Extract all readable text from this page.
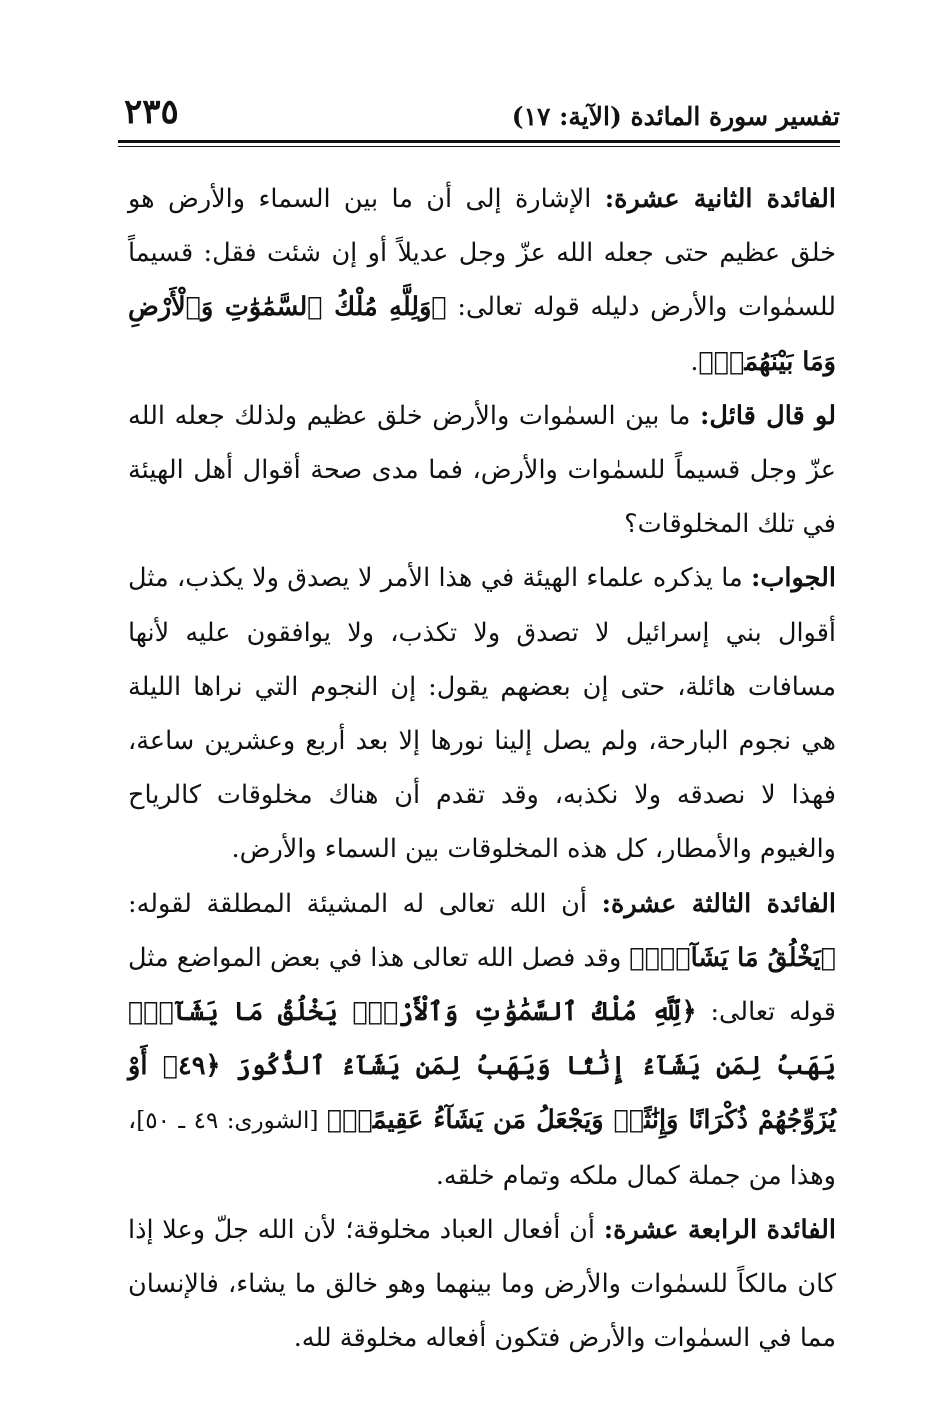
تفسير سورة المائدة (الآية: ١٧)
٢٣٥

الفائدة الثانية عشرة: الإشارة إلى أن ما بين السماء والأرض هو خلق عظيم حتى جعله الله عزّ وجل عديلاً أو إن شئت فقل: قسيماً للسمٰوات والأرض دليله قوله تعالى: ﴿وَلِلَّهِ مُلْكُ ٱلسَّمَٰوَٰتِ وَٱلْأَرْضِ وَمَا بَيْنَهُمَآۚ﴾.

لو قال قائل: ما بين السمٰوات والأرض خلق عظيم ولذلك جعله الله عزّ وجل قسيماً للسمٰوات والأرض، فما مدى صحة أقوال أهل الهيئة في تلك المخلوقات؟

الجواب: ما يذكره علماء الهيئة في هذا الأمر لا يصدق ولا يكذب، مثل أقوال بني إسرائيل لا تصدق ولا تكذب، ولا يوافقون عليه لأنها مسافات هائلة، حتى إن بعضهم يقول: إن النجوم التي نراها الليلة هي نجوم البارحة، ولم يصل إلينا نورها إلا بعد أربع وعشرين ساعة، فهذا لا نصدقه ولا نكذبه، وقد تقدم أن هناك مخلوقات كالرياح والغيوم والأمطار، كل هذه المخلوقات بين السماء والأرض.

الفائدة الثالثة عشرة: أن الله تعالى له المشيئة المطلقة لقوله: ﴿يَخْلُقُ مَا يَشَآءُۚ﴾ وقد فصل الله تعالى هذا في بعض المواضع مثل قوله تعالى: ﴿لِّلَّهِ مُلْكُ ٱلسَّمَٰوَٰتِ وَٱلْأَرْضِۚ يَخْلُقُ مَا يَشَآءُۚ يَهَبُ لِمَن يَشَآءُ إِنَٰثًا وَيَهَبُ لِمَن يَشَآءُ ٱلذُّكُورَ ﴿٤٩﴾ أَوْ يُزَوِّجُهُمْ ذُكْرَانًا وَإِنَٰثًاۖ وَيَجْعَلُ مَن يَشَآءُ عَقِيمًاۚ﴾ [الشورى: ٤٩ ـ ٥٠]، وهذا من جملة كمال ملكه وتمام خلقه.

الفائدة الرابعة عشرة: أن أفعال العباد مخلوقة؛ لأن الله جلّ وعلا إذا كان مالكاً للسمٰوات والأرض وما بينهما وهو خالق ما يشاء، فالإنسان مما في السمٰوات والأرض فتكون أفعاله مخلوقة لله.
